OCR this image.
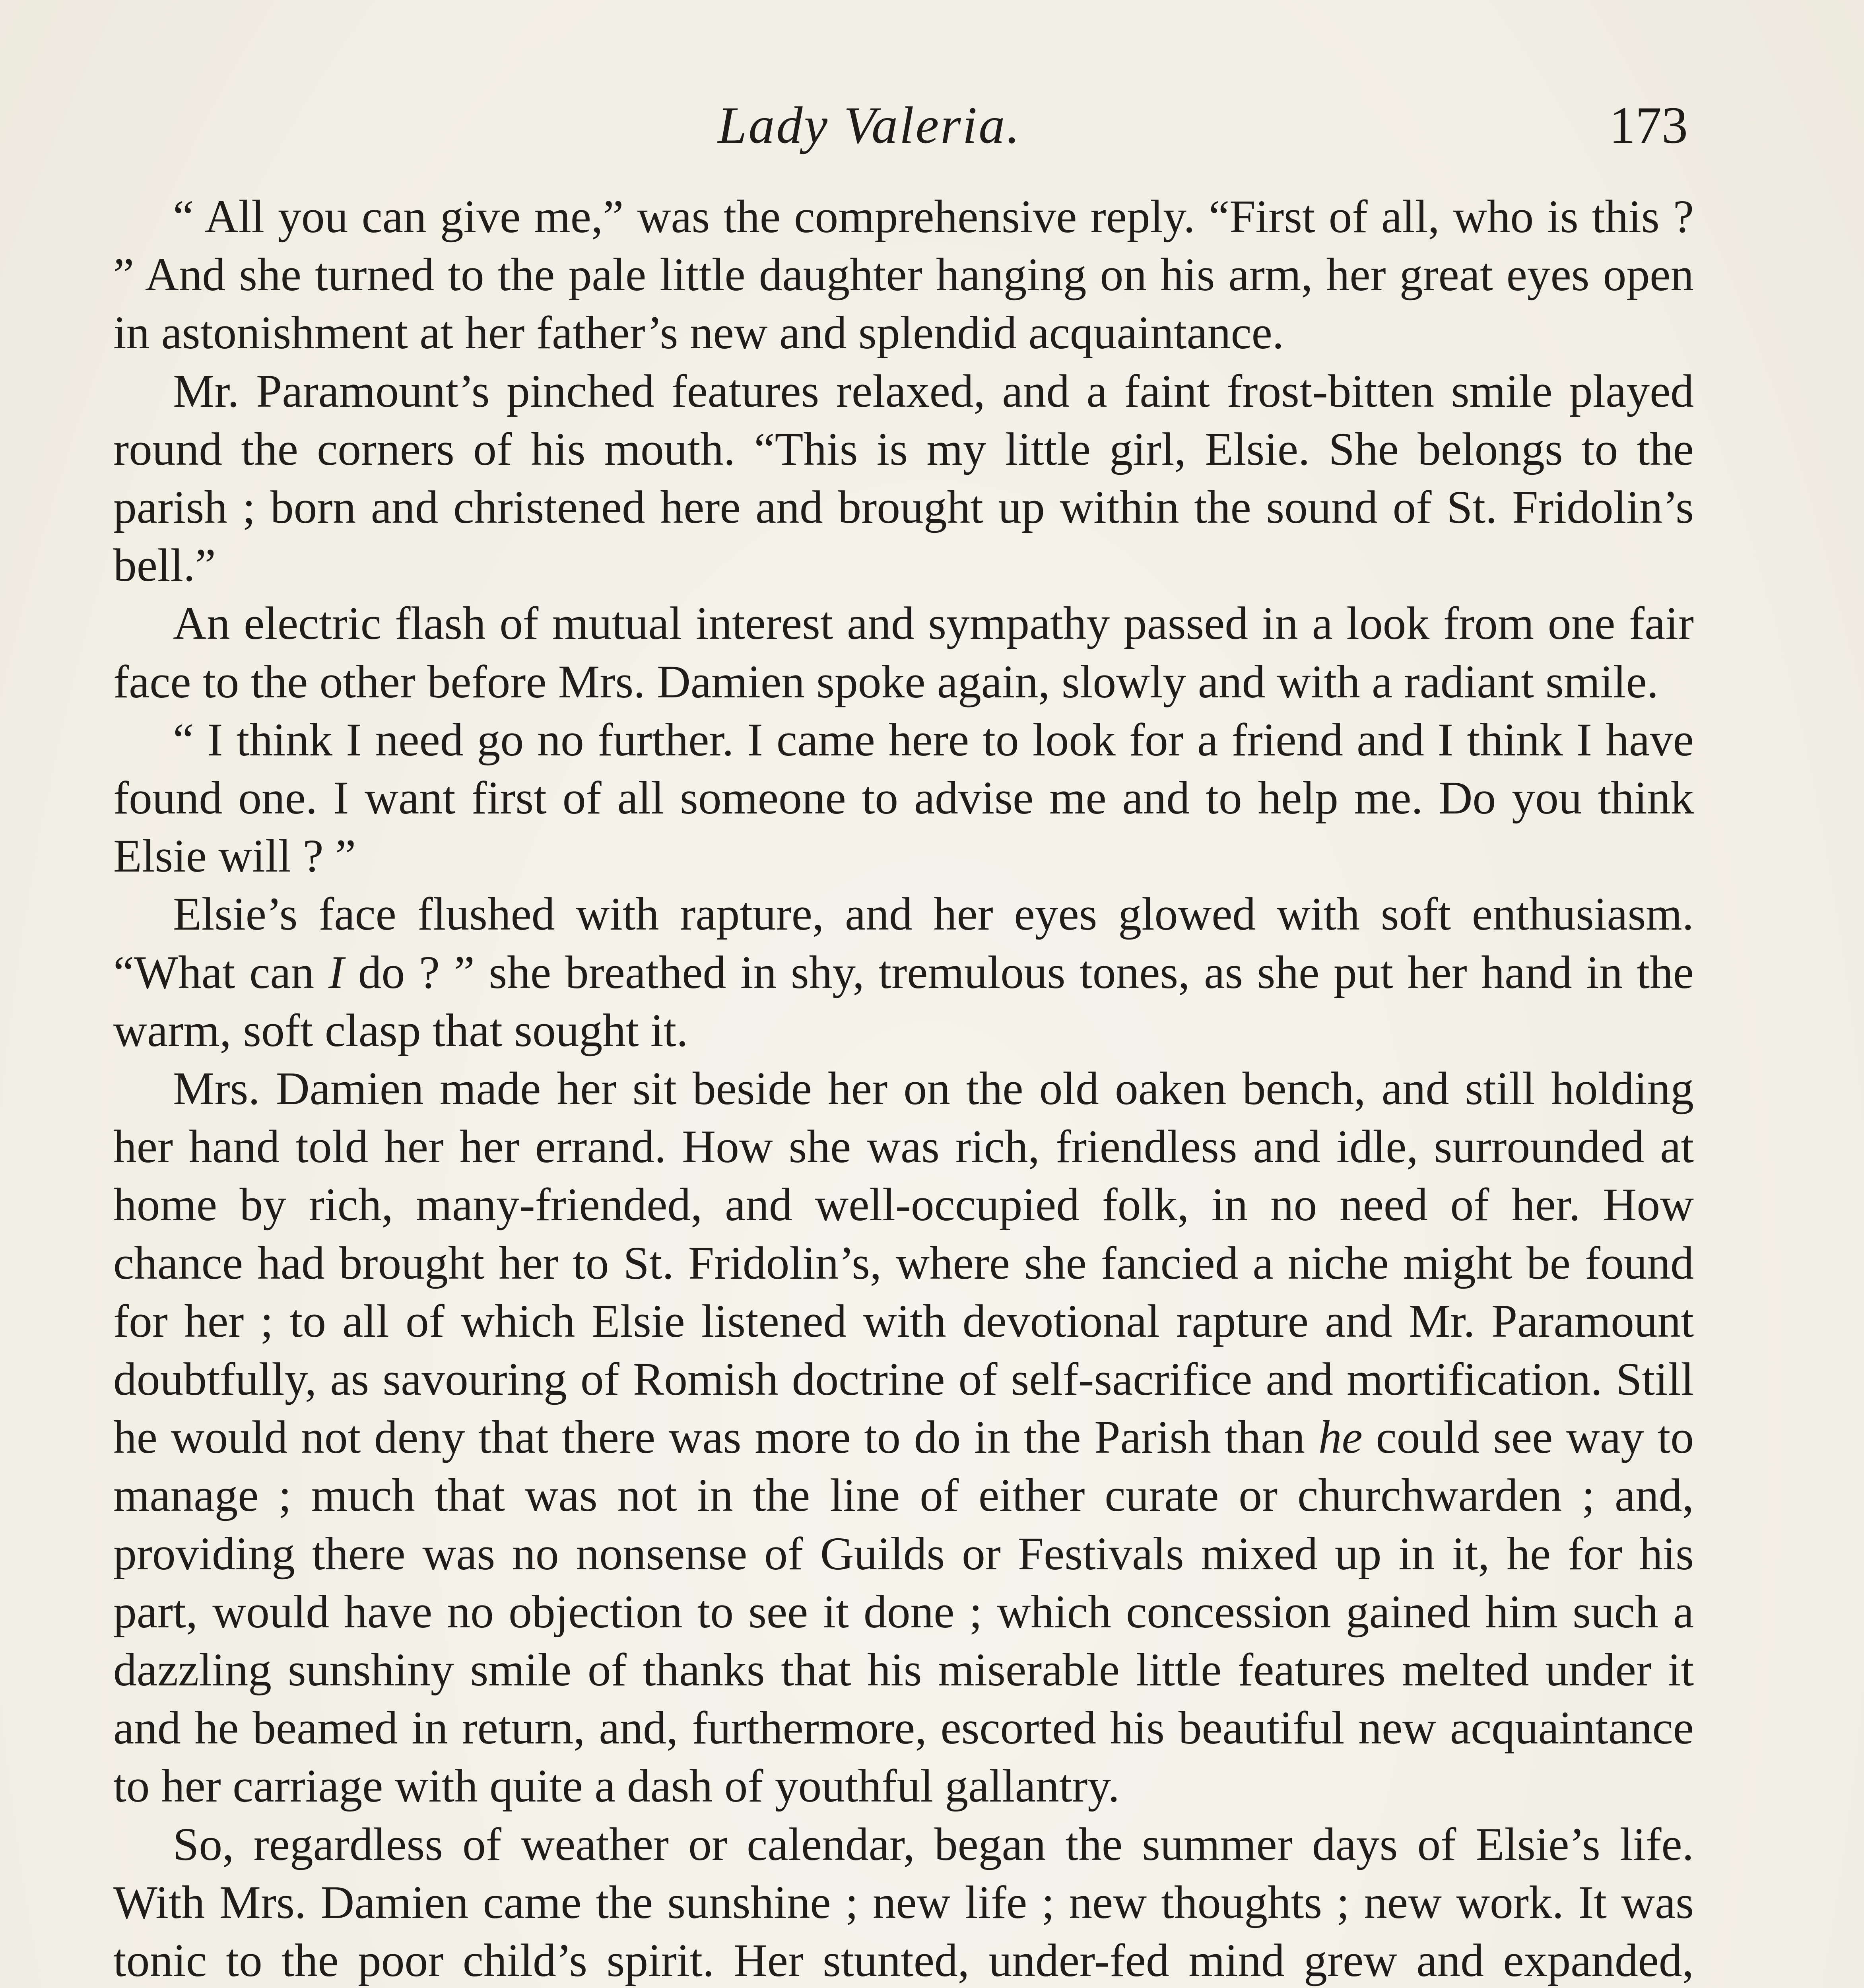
Lady Valeria.	173

“ All you can give me,” was the comprehensive reply. “First of all, who is this ? ” And she turned to the pale little daughter hanging on his arm, her great eyes open in astonishment at her father’s new and splendid acquaintance.

Mr. Paramount’s pinched features relaxed, and a faint frost-bitten smile played round the corners of his mouth. “This is my little girl, Elsie. She belongs to the parish ; born and christened here and brought up within the sound of St. Fridolin’s bell.”

An electric flash of mutual interest and sympathy passed in a look from one fair face to the other before Mrs. Damien spoke again, slowly and with a radiant smile.

“ I think I need go no further. I came here to look for a friend and I think I have found one. I want first of all someone to advise me and to help me. Do you think Elsie will ? ”

Elsie’s face flushed with rapture, and her eyes glowed with soft enthusiasm. “What can I do ? ” she breathed in shy, tremulous tones, as she put her hand in the warm, soft clasp that sought it.

Mrs. Damien made her sit beside her on the old oaken bench, and still holding her hand told her her errand. How she was rich, friendless and idle, surrounded at home by rich, many-friended, and well-occupied folk, in no need of her. How chance had brought her to St. Fridolin’s, where she fancied a niche might be found for her ; to all of which Elsie listened with devotional rapture and Mr. Paramount doubtfully, as savouring of Romish doctrine of self-sacrifice and mortification. Still he would not deny that there was more to do in the Parish than he could see way to manage ; much that was not in the line of either curate or churchwarden ; and, providing there was no nonsense of Guilds or Festivals mixed up in it, he for his part, would have no objection to see it done ; which concession gained him such a dazzling sunshiny smile of thanks that his miserable little features melted under it and he beamed in return, and, furthermore, escorted his beautiful new acquaintance to her carriage with quite a dash of youthful gallantry.

So, regardless of weather or calendar, began the summer days of Elsie’s life. With Mrs. Damien came the sunshine ; new life ; new thoughts ; new work. It was tonic to the poor child’s spirit. Her stunted, under-fed mind grew and expanded,
